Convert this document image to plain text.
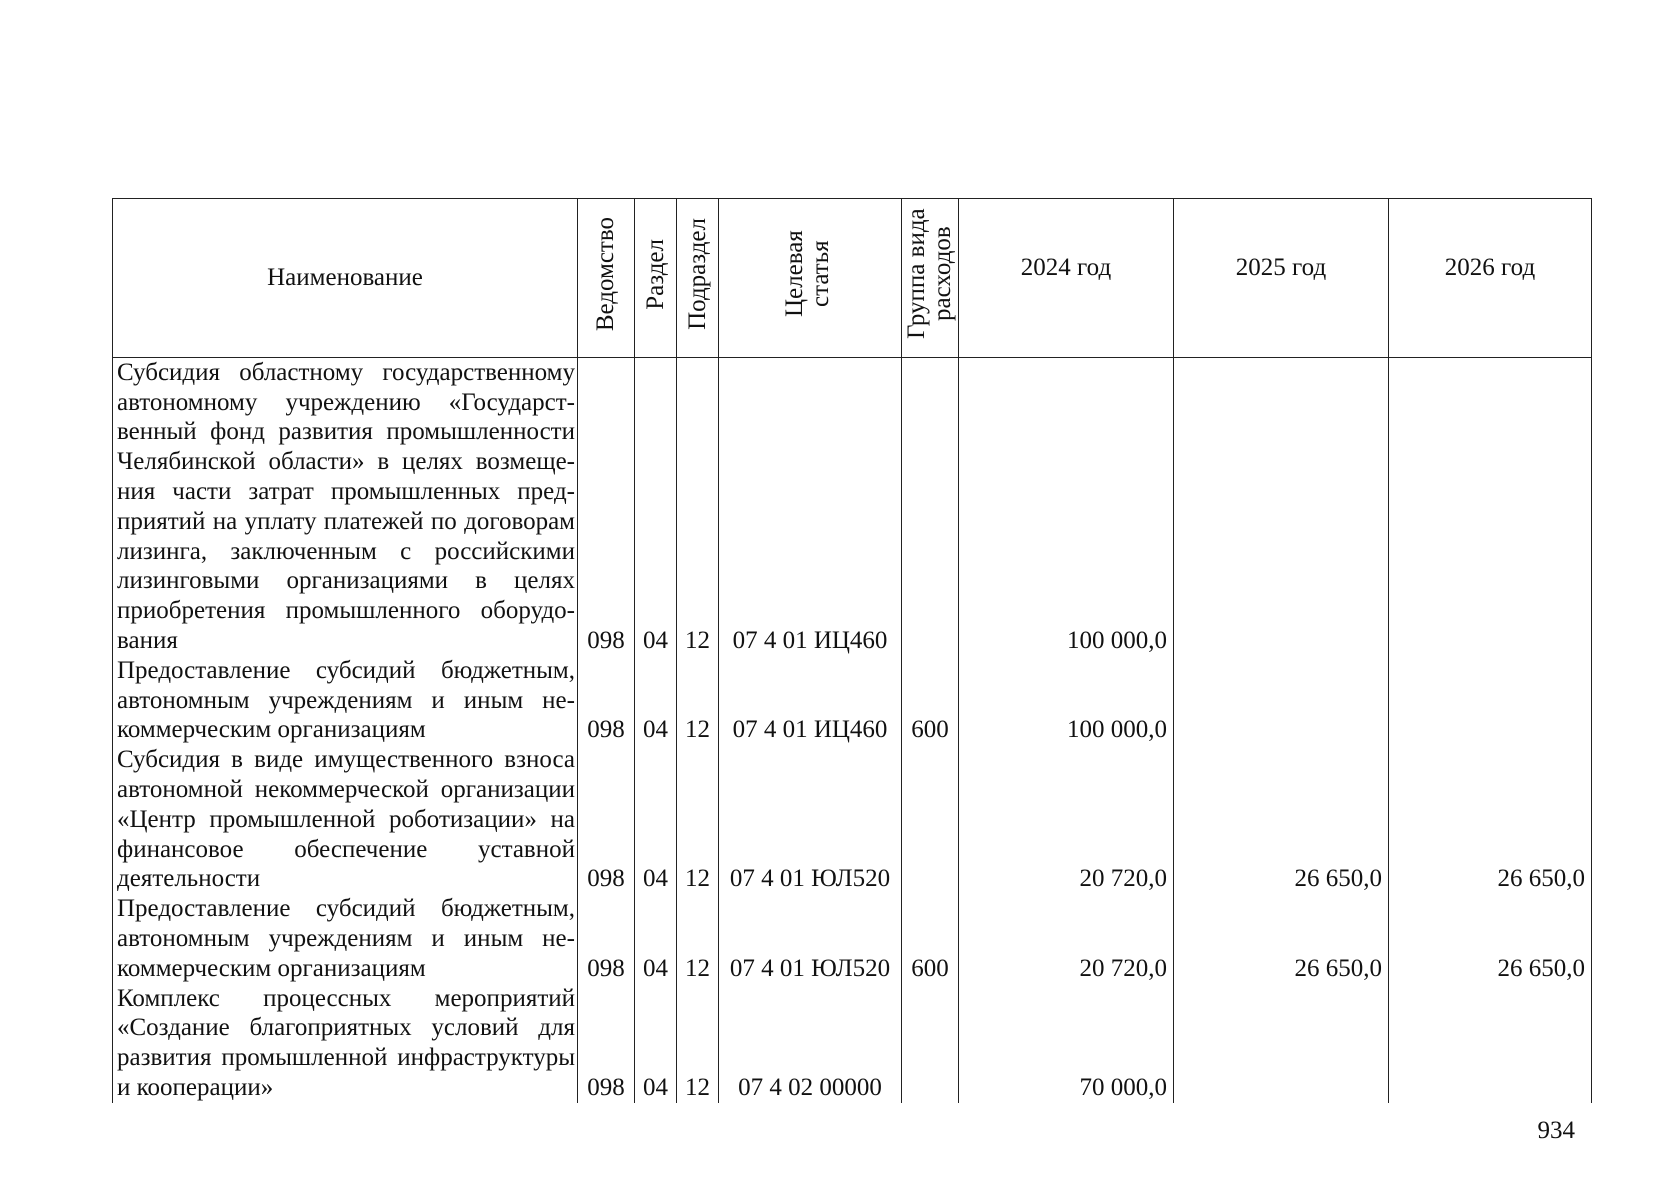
Наименование	Ведомство	Раздел	Подраздел	Целевая статья	Группа вида расходов	2024 год	2025 год	2026 год
Субсидия областному государственному автономному учреждению «Государственный фонд развития промышленности Челябинской области» в целях возмещения части затрат промышленных предприятий на уплату платежей по договорам лизинга, заключенным с российскими лизинговыми организациями в целях приобретения промышленного оборудования	098	04	12	07 4 01 ИЦ460		100 000,0		
Предоставление субсидий бюджетным, автономным учреждениям и иным некоммерческим организациям	098	04	12	07 4 01 ИЦ460	600	100 000,0		
Субсидия в виде имущественного взноса автономной некоммерческой организации «Центр промышленной роботизации» на финансовое обеспечение уставной деятельности	098	04	12	07 4 01 ЮЛ520		20 720,0	26 650,0	26 650,0
Предоставление субсидий бюджетным, автономным учреждениям и иным некоммерческим организациям	098	04	12	07 4 01 ЮЛ520	600	20 720,0	26 650,0	26 650,0
Комплекс процессных мероприятий «Создание благоприятных условий для развития промышленной инфраструктуры и кооперации»	098	04	12	07 4 02 00000		70 000,0		
934
